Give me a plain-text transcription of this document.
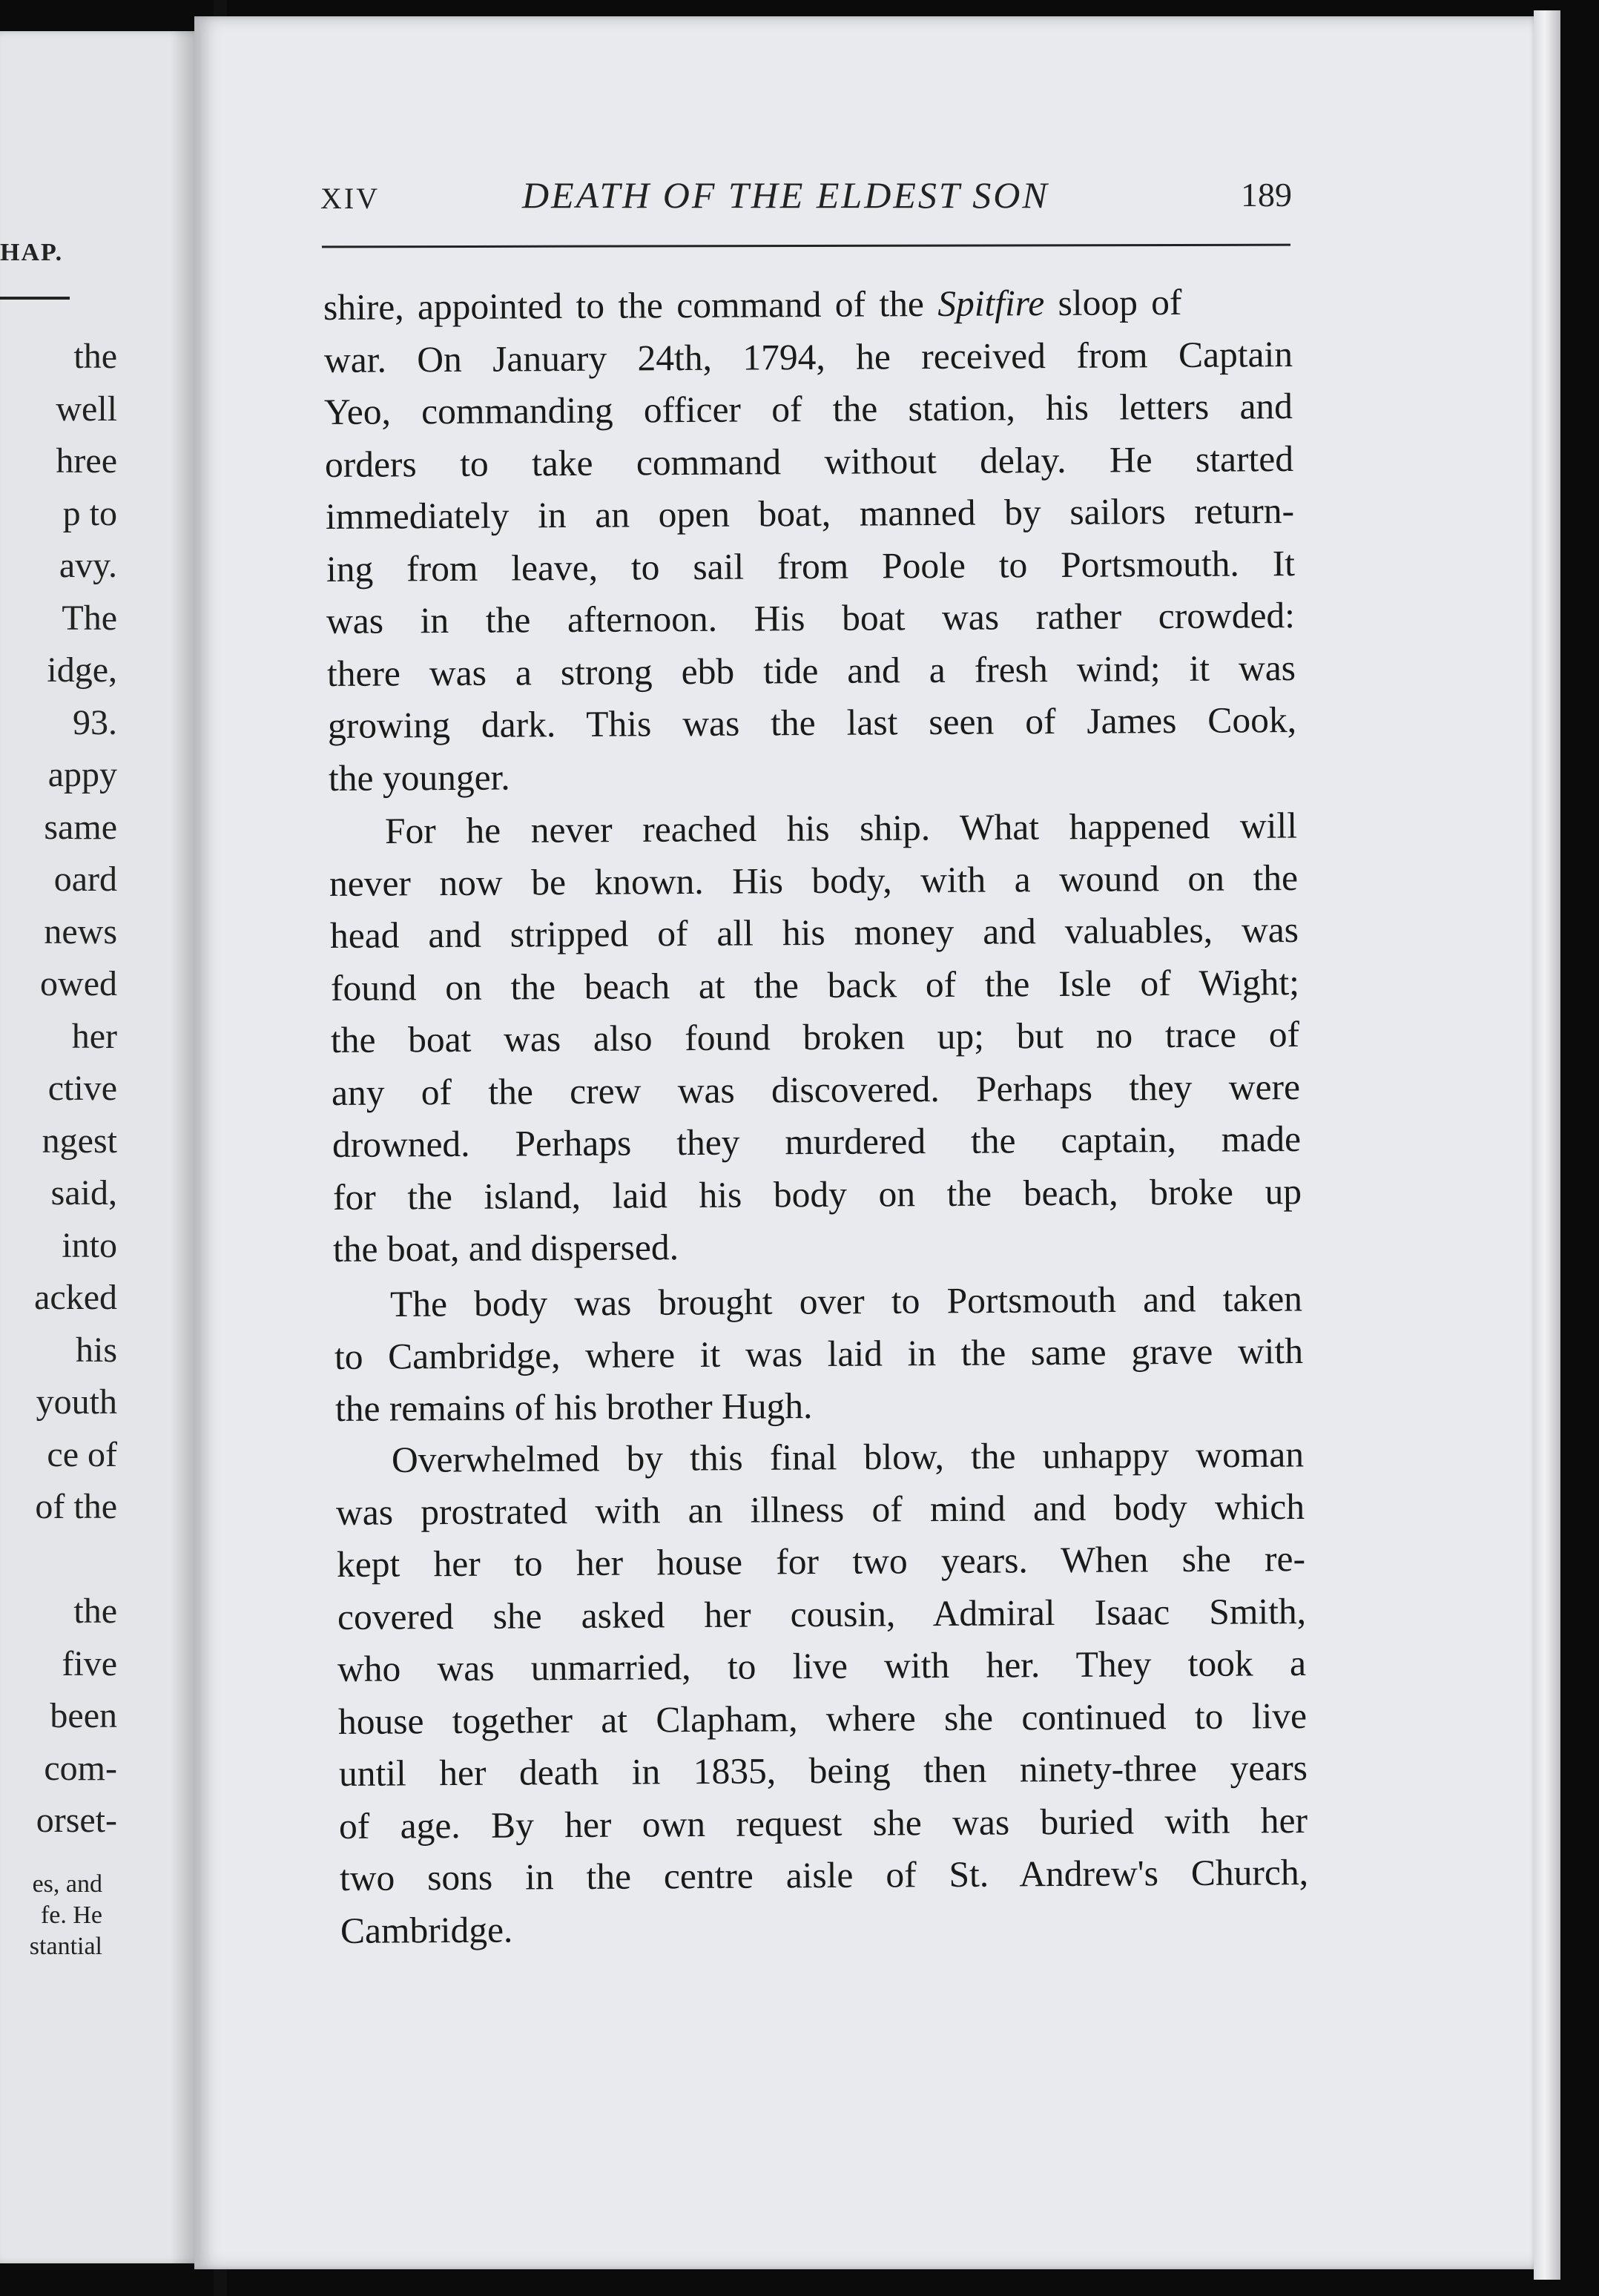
HAP.
the
well
hree
p to
avy.
The
idge,
93.
appy
same
oard
news
owed
her
ctive
ngest
said,
into
acked
his
youth
ce of
of the
the
five
been
com-
orset-
es, and
fe. He
stantial
XIV	DEATH OF THE ELDEST SON	189
shire, appointed to the command of the Spitfire sloop of
war. On January 24th, 1794, he received from Captain
Yeo, commanding officer of the station, his letters and
orders to take command without delay. He started
immediately in an open boat, manned by sailors return-
ing from leave, to sail from Poole to Portsmouth. It
was in the afternoon. His boat was rather crowded:
there was a strong ebb tide and a fresh wind; it was
growing dark. This was the last seen of James Cook,
the younger.
For he never reached his ship. What happened will
never now be known. His body, with a wound on the
head and stripped of all his money and valuables, was
found on the beach at the back of the Isle of Wight;
the boat was also found broken up; but no trace of
any of the crew was discovered. Perhaps they were
drowned. Perhaps they murdered the captain, made
for the island, laid his body on the beach, broke up
the boat, and dispersed.
The body was brought over to Portsmouth and taken
to Cambridge, where it was laid in the same grave with
the remains of his brother Hugh.
Overwhelmed by this final blow, the unhappy woman
was prostrated with an illness of mind and body which
kept her to her house for two years. When she re-
covered she asked her cousin, Admiral Isaac Smith,
who was unmarried, to live with her. They took a
house together at Clapham, where she continued to live
until her death in 1835, being then ninety-three years
of age. By her own request she was buried with her
two sons in the centre aisle of St. Andrew's Church,
Cambridge.
